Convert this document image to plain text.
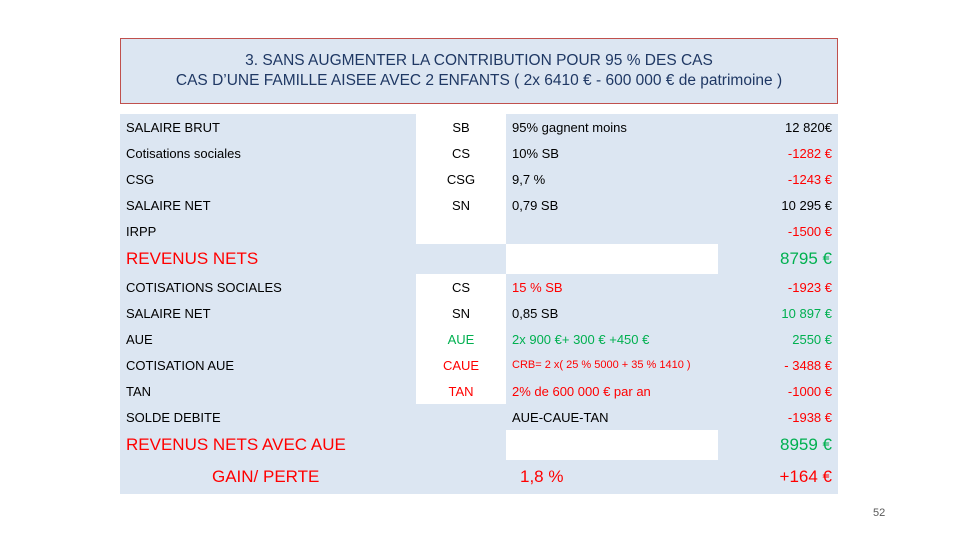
3. SANS AUGMENTER LA CONTRIBUTION POUR 95 % DES CAS
CAS D’UNE FAMILLE AISEE AVEC 2 ENFANTS ( 2x 6410 € - 600 000 € de patrimoine )
SALAIRE BRUT	SB	95% gagnent moins	12 820€
Cotisations sociales	CS	10% SB	-1282 €
CSG	CSG	9,7 %	-1243 €
SALAIRE NET	SN	0,79 SB	10 295 €
IRPP			-1500 €
REVENUS NETS			8795 €
COTISATIONS SOCIALES	CS	15 % SB	-1923 €
SALAIRE NET	SN	0,85 SB	10 897 €
AUE	AUE	2x 900 €+ 300 € +450 €	2550 €
COTISATION AUE	CAUE	CRB= 2 x( 25 % 5000 + 35 % 1410 )	- 3488 €
TAN	TAN	2% de 600 000 € par an	-1000 €
SOLDE DEBITE		AUE-CAUE-TAN	-1938 €
REVENUS NETS AVEC AUE			8959 €
GAIN/ PERTE		1,8 %	+164 €
52
